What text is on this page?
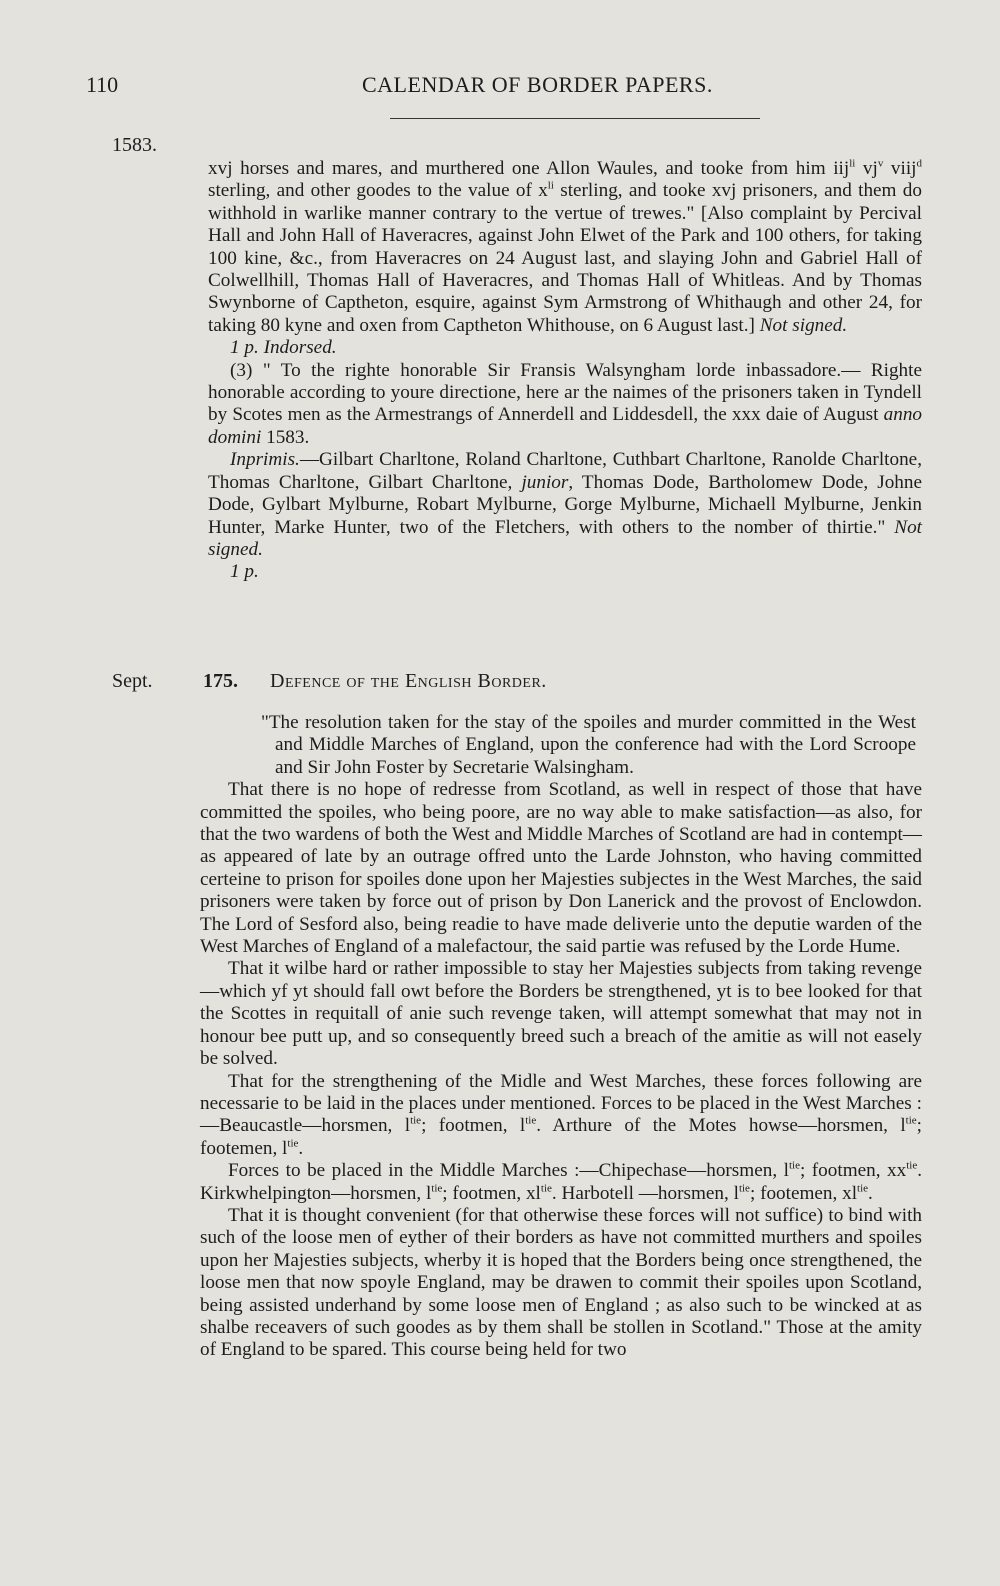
110	CALENDAR OF BORDER PAPERS.
1583.

xvj horses and mares, and murthered one Allon Waules, and tooke from him iij$^{li}$ $vj^v$ viij$^d$ sterling, and other goodes to the value of $x^{li}$ sterling, and tooke xvj prisoners, and them do withhold in warlike manner contrary to the vertue of trewes." [Also complaint by Percival Hall and John Hall of Haveracres, against John Elwet of the Park and 100 others, for taking 100 kine, &c., from Haveracres on 24 August last, and slaying John and Gabriel Hall of Colwellhill, Thomas Hall of Haveracres, and Thomas Hall of Whitleas. And by Thomas Swynborne of Captheton, esquire, against Sym Armstrong of Whithaugh and other 24, for taking 80 kyne and oxen from Captheton Whithouse, on 6 August last.] Not signed.

1 p. Indorsed.

(3) " To the righte honorable Sir Fransis Walsyngham lorde inbassadore.— Righte honorable according to youre directione, here ar the naimes of the prisoners taken in Tyndell by Scotes men as the Armestrangs of Annerdell and Liddesdell, the xxx daie of August anno domini 1583.

Inprimis.—Gilbart Charltone, Roland Charltone, Cuthbart Charltone, Ranolde Charltone, Thomas Charltone, Gilbart Charltone, junior, Thomas Dode, Bartholomew Dode, Johne Dode, Gylbart Mylburne, Robart Mylburne, Gorge Mylburne, Michaell Mylburne, Jenkin Hunter, Marke Hunter, two of the Fletchers, with others to the nomber of thirtie." Not signed.

1 p.

Sept.	175. Defence of the English Border.

"The resolution taken for the stay of the spoiles and murder committed in the West and Middle Marches of England, upon the conference had with the Lord Scroope and Sir John Foster by Secretarie Walsingham.

That there is no hope of redresse from Scotland, as well in respect of those that have committed the spoiles, who being poore, are no way able to make satisfaction—as also, for that the two wardens of both the West and Middle Marches of Scotland are had in contempt—as appeared of late by an outrage offred unto the Larde Johnston, who having committed certeine to prison for spoiles done upon her Majesties subjectes in the West Marches, the said prisoners were taken by force out of prison by Don Lanerick and the provost of Enclowdon. The Lord of Sesford also, being readie to have made deliverie unto the deputie warden of the West Marches of England of a malefactour, the said partie was refused by the Lorde Hume.

That it wilbe hard or rather impossible to stay her Majesties subjects from taking revenge—which yf yt should fall owt before the Borders be strengthened, yt is to bee looked for that the Scottes in requitall of anie such revenge taken, will attempt somewhat that may not in honour bee putt up, and so consequently breed such a breach of the amitie as will not easely be solved.

That for the strengthening of the Midle and West Marches, these forces following are necessarie to be laid in the places under mentioned. Forces to be placed in the West Marches :—Beaucastle—horsmen, $l^{tie}$; footmen, $l^{tie}$. Arthure of the Motes howse—horsmen, $l^{tie}$; footemen, $l^{tie}$.

Forces to be placed in the Middle Marches :—Chipechase—horsmen, $l^{tie}$; footmen, $xx^{tie}$. Kirkwhelpington—horsmen, $l^{tie}$; footmen, $xl^{tie}$. Harbotell —horsmen, $l^{tie}$; footemen, $xl^{tie}$.

That it is thought convenient (for that otherwise these forces will not suffice) to bind with such of the loose men of eyther of their borders as have not committed murthers and spoiles upon her Majesties subjects, wherby it is hoped that the Borders being once strengthened, the loose men that now spoyle England, may be drawen to commit their spoiles upon Scotland, being assisted underhand by some loose men of England ; as also such to be wincked at as shalbe receavers of such goodes as by them shall be stollen in Scotland." Those at the amity of England to be spared. This course being held for two
